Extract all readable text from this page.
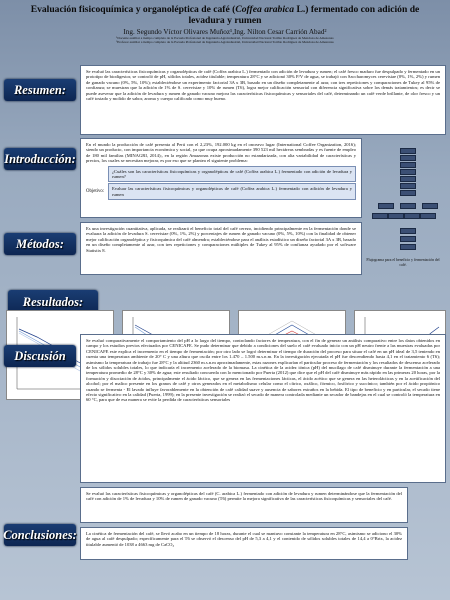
Evaluación fisicoquímica y organoléptica de café (Coffea arabica L.) fermentado con adición de levadura y rumen
Ing. Segundo Víctor Olivares Muñoz¹,Ing. Nilton Cesar Carrión Abad²
¹Docente auxiliar a tiempo completo de la Escuela Profesional de Ingeniería Agroindustrial, Universidad Nacional Toribio Rodríguez de Mendoza de Amazonas
²Profesor auxiliar a tiempo completo de la Escuela Profesional de Ingeniería Agroindustrial, Universidad Nacional Toribio Rodríguez de Mendoza de Amazonas
Resumen:
Se evaluó las características fisicoquímicas y organolépticas de café (Coffea arabica L.) fermentado con adición de levadura y rumen; el café fresco maduro fue despulpado y fermentado en un prototipo de biodigestor, se controló de pH, sólidos totales, acidez titulable; temperatura 28°C y se adicionó 30% P/V de agua, se trabajó con Saccharomyces cerevisiae (0%, 1%, 2%) y rumen de ganado vacuno (0%, 5%, 10%); estableciéndose un experimento factorial 3A x 3B, basado en un diseño completamente al azar, con tres repeticiones y comparaciones de Tukey al 95% de confianza; se muestran que la adición de 1% de S. cerevisiae y 10% de rumen (T6), logra mejor calificación sensorial con diferencia significativa sobre los demás tratamientos; es decir se puede aseverar que la adición de levadura y rumen de ganado vacuno mejora las características fisicoquímicas y sensoriales del café, determinando un café verde brillante, de olor fresco y un café tostado y molido de sabor, aroma y cuerpo calificado como muy bueno.
Introducción:
En el mundo la producción de café presenta al Perú con el 2,23%, 192.000 kg en el onceavo lugar (International Coffee Organization, 2016); siendo un producto, con importancia económica y social, ya que ocupa aproximadamente 390 523 mil hectáreas sembradas y es fuente de empleo de 180 mil familias (MINAGRI, 2014);, en la región Amazonas existe producción no estandarizada, con alta variabilidad de características y precios, los cuales se necesitan mejorar, es por eso que se plantea el siguiente problema:
¿Cuáles son las características fisicoquímicas y organolépticas de café (Coffea arabica L.) fermentado con adición de levadura y rumen?
Objetivo:
Evaluar las características fisicoquímicas y organolépticas de café (Coffea arabica L.) fermentado con adición de levadura y rumen
Flujograma para el beneficio y fermentación del café.
Métodos:
Es una investigación cuantitativa, aplicada, se realizará el beneficio total del café cerezo, incidiendo principalmente en la fermentación donde se evaluara la adición de levadura S. cerevisiae (0%, 1%, 2%) y porcentajes de rumen de ganado vacuno (0%, 5%, 10%) con la finalidad de obtener mejor calificación organoléptica y fisicoquímica del café almendra; estableciéndose para el análisis estadístico un diseño factorial 3A x 3B, basado en un diseño completamente al azar, con tres repeticiones y comparaciones múltiples de Tukey al 95% de confianza ayudado por el software Statistix 8.
Resultados:
Discusión
Se evaluó comparativamente el comportamiento del pH a lo largo del tiempo, controlando factores de temperatura, con el fin de generar un análisis comparativo entre los datos obtenidos en campo y los estudios previos efectuados por CENICAFE. Se pudo determinar que debido a condiciones del suelo el café evaluado inicio con un pH neutro frente a las muestras evaluadas por CENICAFE este explica el incremento en el tiempo de fermentación; por otro lado se logró determinar el tiempo de duración del proceso para situar el café en un pH ideal de 3,5 teniendo en cuenta una temperatura ambiente de 20° C y una altura que oscila entre los 1.470 – 1.500 m.s.n.m. En la investigación ejecutada el pH fue descendiendo hasta 4,1 en el tratamiento 6 (T6); asimismo la temperatura de trabajo fue 28°C y la altitud 2360 m.s.n.m aproximadamente, estas razones explicarían el particular proceso de fermentación y los resultados de descenso acelerado de los sólidos solubles totales, lo que indicaría el incremento acelerado de la biomasa. La cinética de la acidez iónica (pH) del mucílago de café disminuye durante la fermentación a una temperatura promedio de 28°C y 30% de agua; este resultado concuerda con lo mencionado por Puerta (2012) que dice que el pH del café disminuye más rápido en las primeras 20 horas, por la formación y disociación de ácidos, principalmente el ácido láctico, que se genera en las fermentaciones lácticas, el ácido acético que se genera en las heterolácticas y en la acetificación del alcohol; por el malico presente en los granos de café y otros generados en el metabolismo celular como el cítrico, oxálico, fórmico, fosfórico y succínico; también por el ácido propiónico cuando se fermenta - El lavado influye favorablemente en la obtención de café calidad suave y ausencia de sabores extraños en la bebida. El tipo de beneficio y en particular, el secado tiene efecto significativo en la calidad (Puerta, 1999); en la presente investigación se realizó el secado de manera controlada mediante un secador de bandejas en el cual se controló la temperatura en 60 °C, para que de esa manera se evite la perdida de características sensoriales
Conclusiones:
Se evaluó las características fisicoquímicas y organolépticas del café (C. arabica L.) fermentado con adición de levadura y rumen determinándose que la fermentación del café con adición de 1% de levadura y 10% de rumen de ganado vacuno (T6) permite la mejora significativa de las características fisicoquímicas y sensoriales del café.
La cinética de fermentación del café, se llevó acabo en un tiempo de 18 horas, durante el cual se mantuvo constante la temperatura en 28°C, asimismo se adiciono el 30% de agua al café despulpado; específicamente para el T6 se observó el descenso del pH de 5,3 a 4,1 y el contenido de sólidos solubles totales de 14,4 a 0°Brix, la acidez titulable aumentó de 1038 a 4663 mg de CaCO₃
